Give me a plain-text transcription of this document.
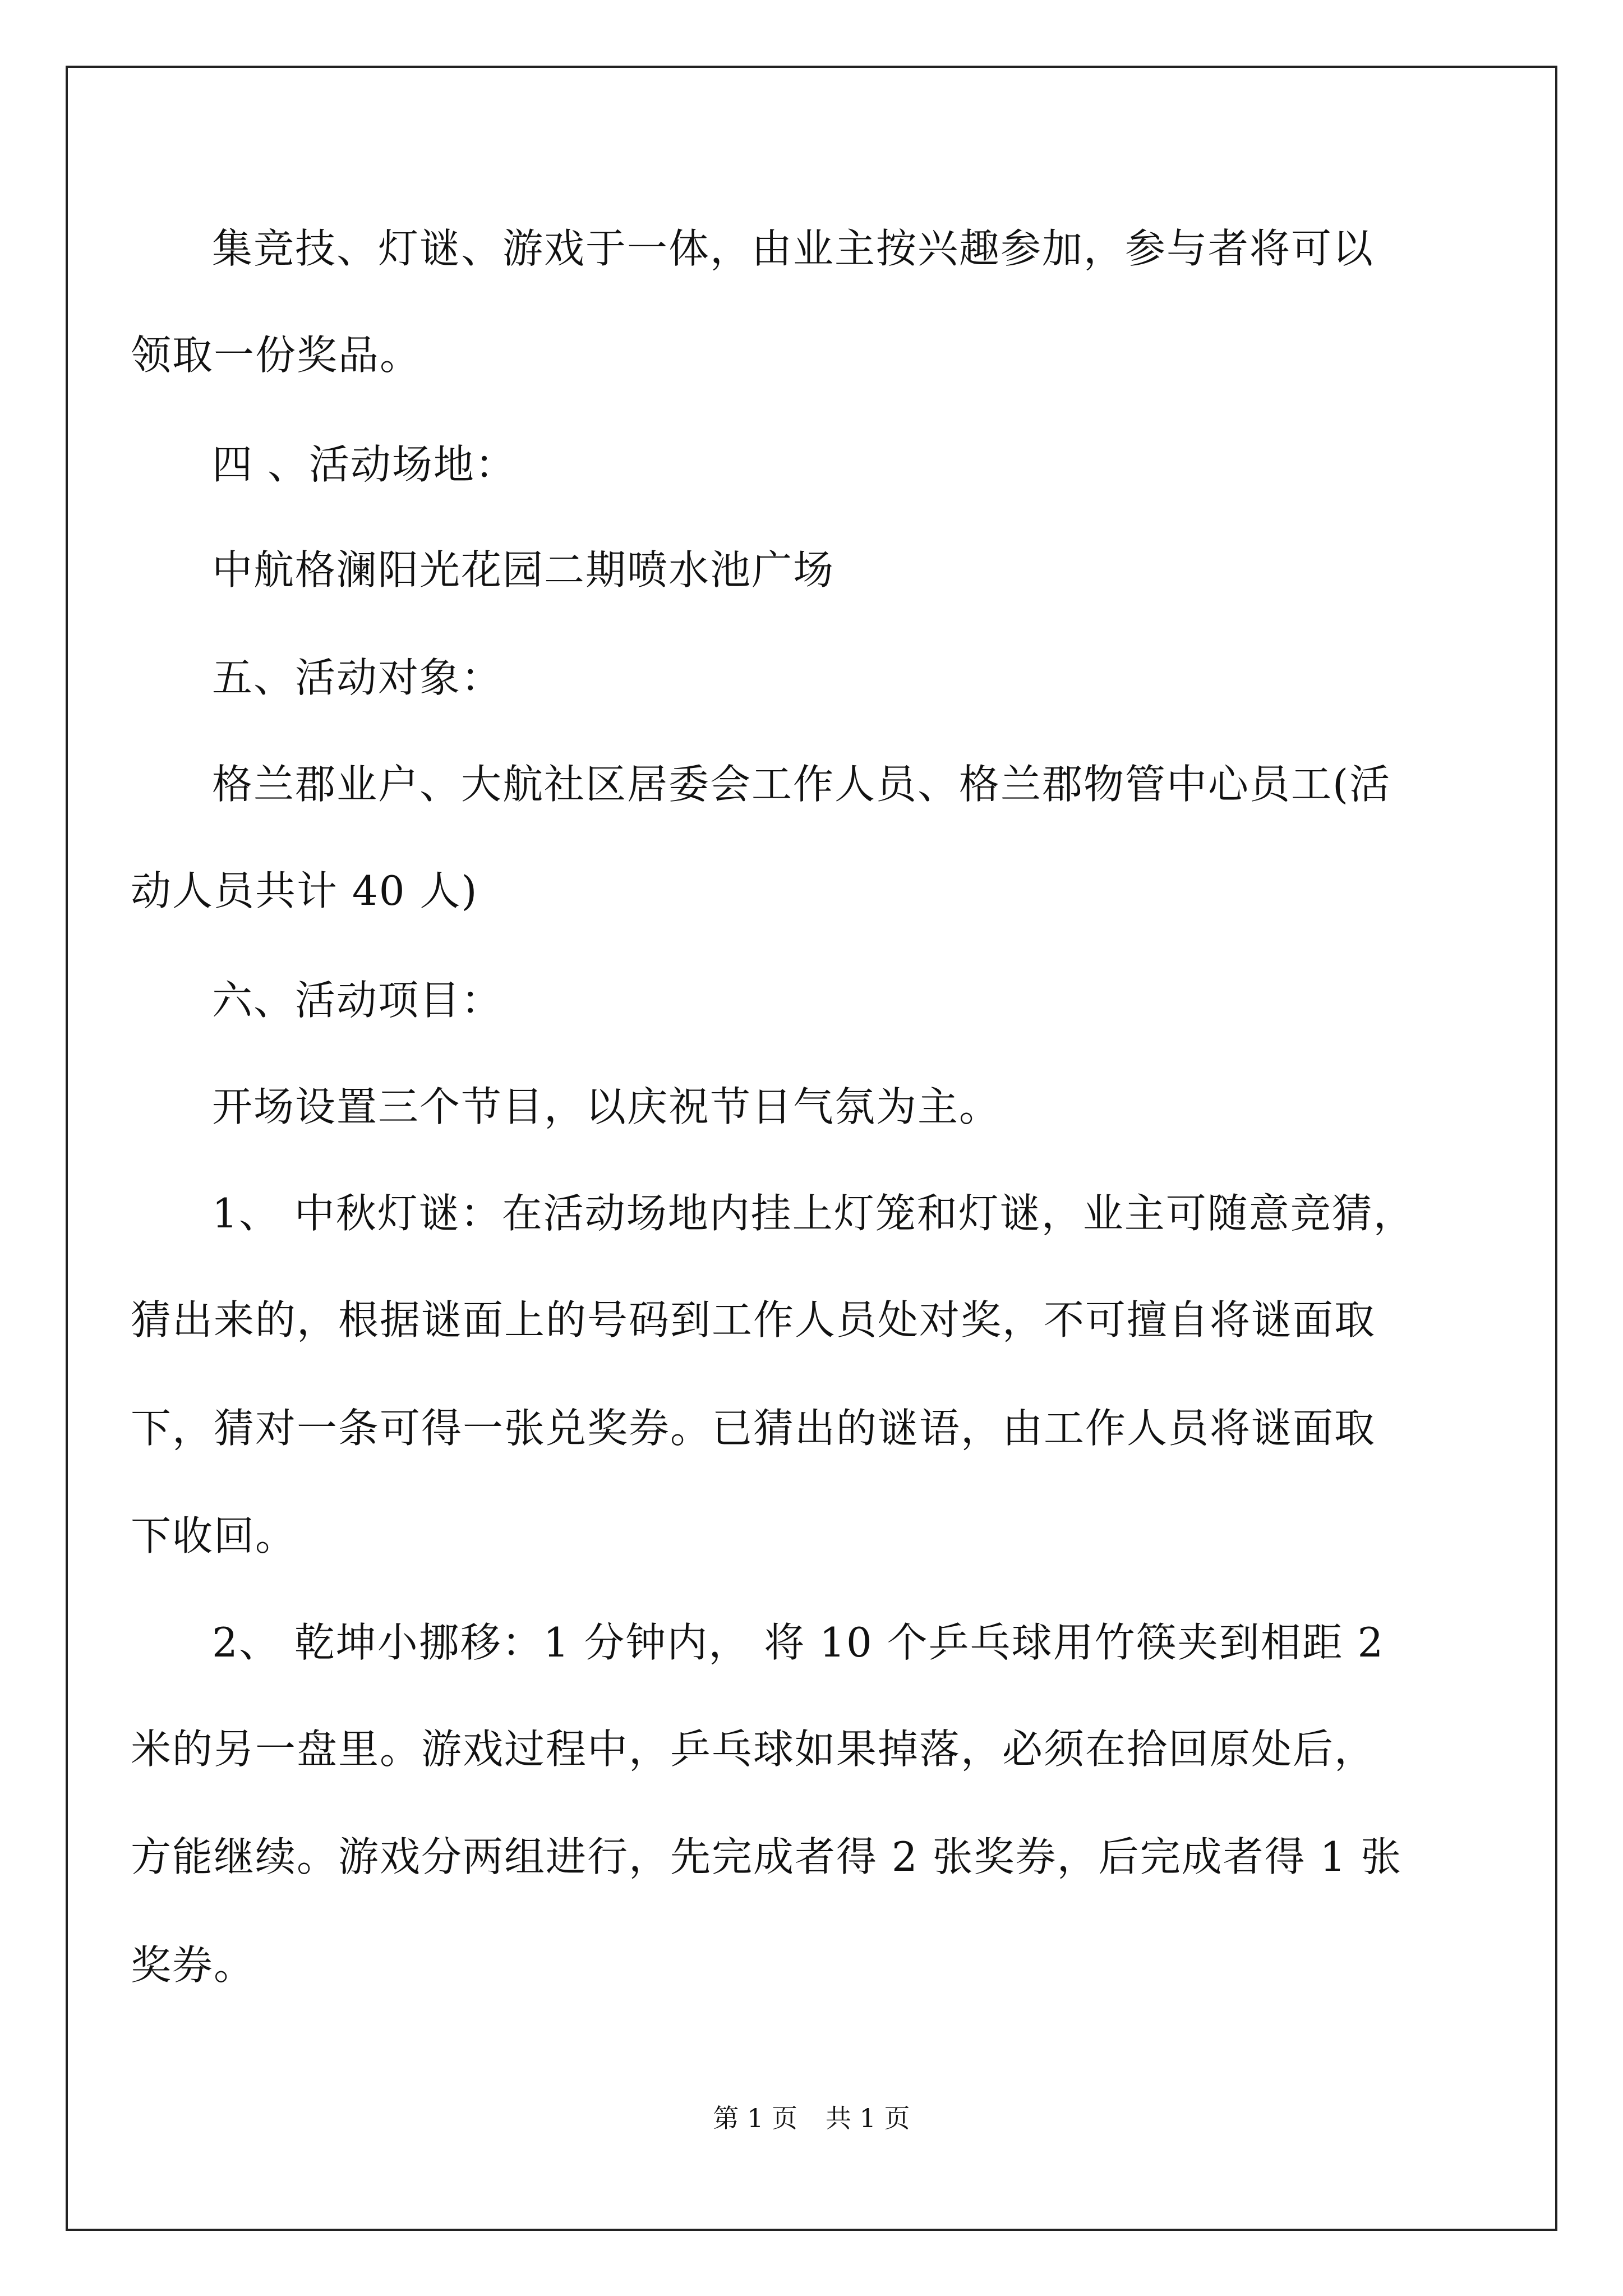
集竞技、灯谜、游戏于一体，由业主按兴趣参加，参与者将可以
领取一份奖品。
四 、活动场地：
中航格澜阳光花园二期喷水池广场
五、活动对象：
格兰郡业户、大航社区居委会工作人员、格兰郡物管中心员工(活
动人员共计 40 人)
六、活动项目：
开场设置三个节目，以庆祝节日气氛为主。
1、 中秋灯谜：在活动场地内挂上灯笼和灯谜，业主可随意竞猜，
猜出来的，根据谜面上的号码到工作人员处对奖，不可擅自将谜面取
下，猜对一条可得一张兑奖券。已猜出的谜语，由工作人员将谜面取
下收回。
2、 乾坤小挪移：1 分钟内， 将 10 个乒乓球用竹筷夹到相距 2
米的另一盘里。游戏过程中，乒乓球如果掉落，必须在拾回原处后，
方能继续。游戏分两组进行，先完成者得 2 张奖券，后完成者得 1 张
奖券。
第 1 页 共 1 页
